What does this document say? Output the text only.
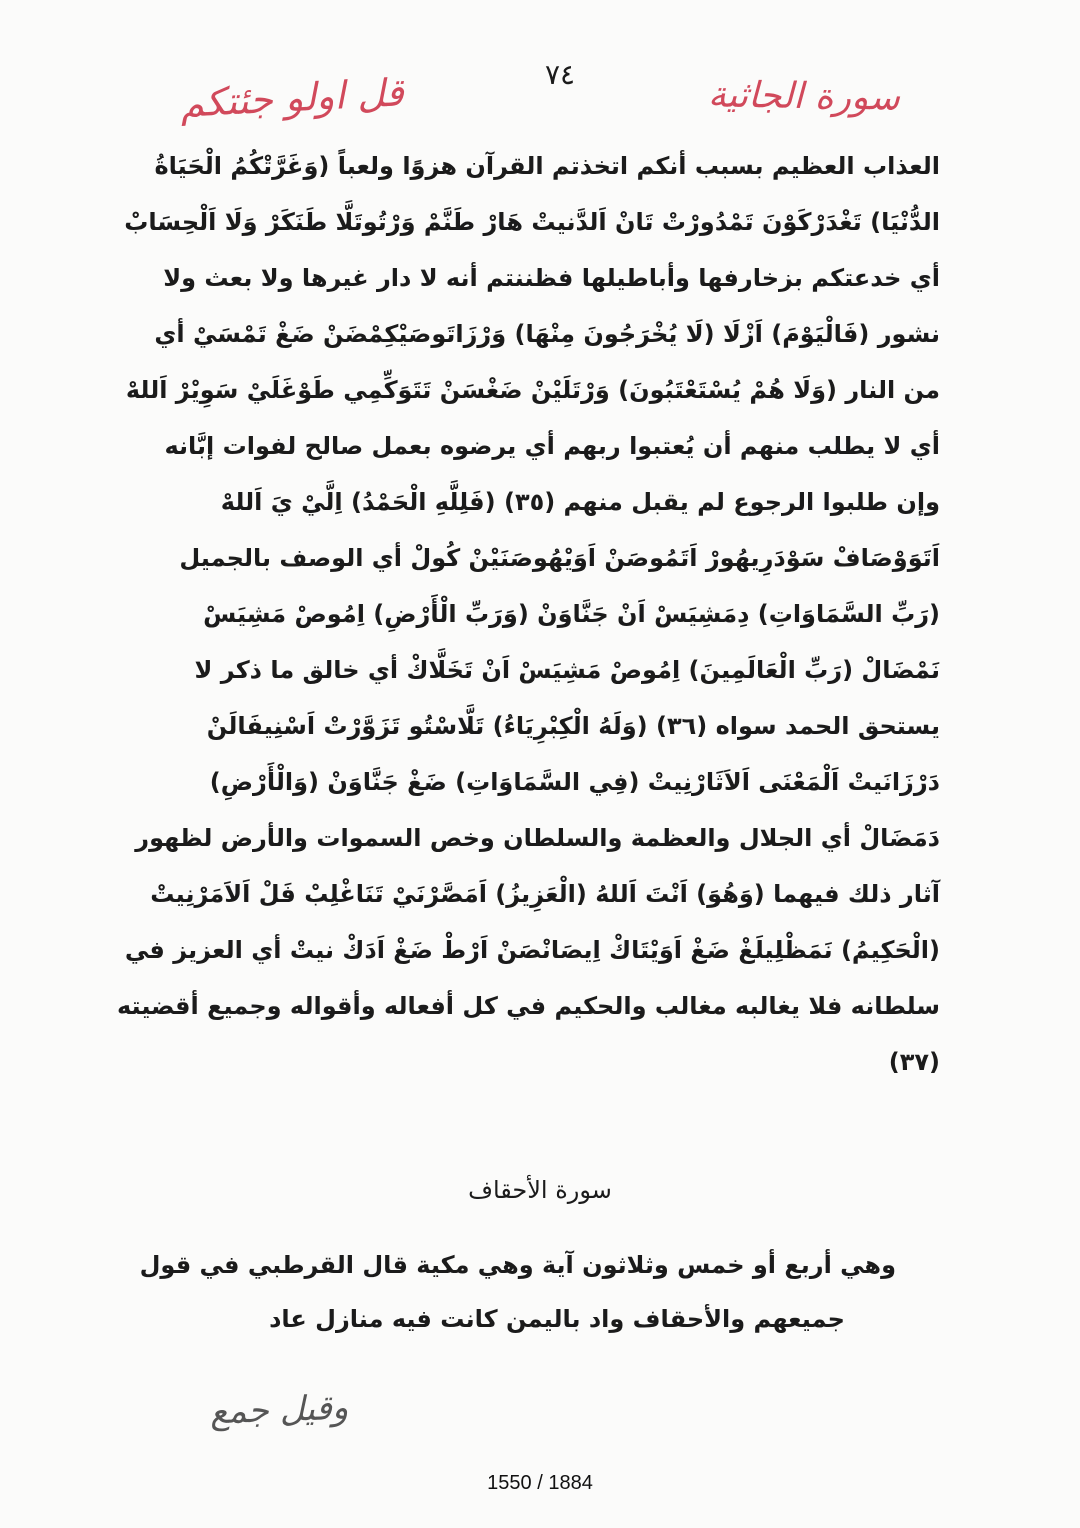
قل اولو جئتكم	٧٤	سورة الجاثية
العذاب العظيم بسبب أنكم اتخذتم القرآن هزوًا ولعباً (وَغَرَّتْكُمُ الْحَيَاةُ
الدُّنْيَا) تَغْدَرْكَوْنَ تَمْدُورْتْ تَانْ اَلدَّنيتْ هَارْ طَنَّمْ وَرْتُوتَلَّا طَنَكَرْ وَلَا اَلْحِسَابْ
أي خدعتكم بزخارفها وأباطيلها فظننتم أنه لا دار غيرها ولا بعث ولا
نشور (فَالْيَوْمَ) اَزْلَا (لَا يُخْرَجُونَ مِنْهَا) وَرْزَاتَوصَيْكِمْضَنْ ضَغْ تَمْسَيْ أي
من النار (وَلَا هُمْ يُسْتَعْتَبُونَ) وَرْتَلَيْنْ ضَغْسَنْ تَتَوَكِّمِي طَوْغَلَيْ سَوِيْرْ اَللهْ
أي لا يطلب منهم أن يُعتبوا ربهم أي يرضوه بعمل صالح لفوات إبَّانه
وإن طلبوا الرجوع لم يقبل منهم (٣٥) (فَلِلَّهِ الْحَمْدُ) اِلَّيْ يَ اَللهْ
اَتَوَوْصَافْ سَوْدَرِيهُورْ اَتَمُوصَنْ اَوَيْهُوصَنَيْنْ كُولْ أي الوصف بالجميل
(رَبِّ السَّمَاوَاتِ) دِمَشِيَسْ اَنْ جَنَّاوَنْ (وَرَبِّ الْأَرْضِ) اِمُوصْ مَشِيَسْ
نَمْضَالْ (رَبِّ الْعَالَمِينَ) اِمُوصْ مَشِيَسْ اَنْ تَخَلَّاكْ أي خالق ما ذكر لا
يستحق الحمد سواه (٣٦) (وَلَهُ الْكِبْرِيَاءُ) تَلَّاسْتُو تَزَوَّرْتْ اَسْنِيفَالَنْ
دَرْزَانَيتْ اَلْمَعْنَى اَلاَثَارْنِيتْ (فِي السَّمَاوَاتِ) ضَغْ جَنَّاوَنْ (وَالْأَرْضِ)
دَمَضَالْ أي الجلال والعظمة والسلطان وخص السموات والأرض لظهور
آثار ذلك فيهما (وَهُوَ) اَنْتَ اَللهُ (الْعَزِيزُ) اَمَصَّرْنَيْ تَنَاغْلِبْ فَلْ اَلاَمَرْنِيتْ
(الْحَكِيمُ) نَمَظْلِيلَغْ ضَغْ اَوَيْتَاكْ اِيصَانْصَنْ اَرْطْ ضَغْ اَدَكْ نيتْ أي العزيز في
سلطانه فلا يغالبه مغالب والحكيم في كل أفعاله وأقواله وجميع أقضيته
(٣٧)
سورة الأحقاف
وهي أربع أو خمس وثلاثون آية وهي مكية قال القرطبي في قول
جميعهم والأحقاف واد باليمن كانت فيه منازل عاد
وقيل جمع
1550 / 1884
